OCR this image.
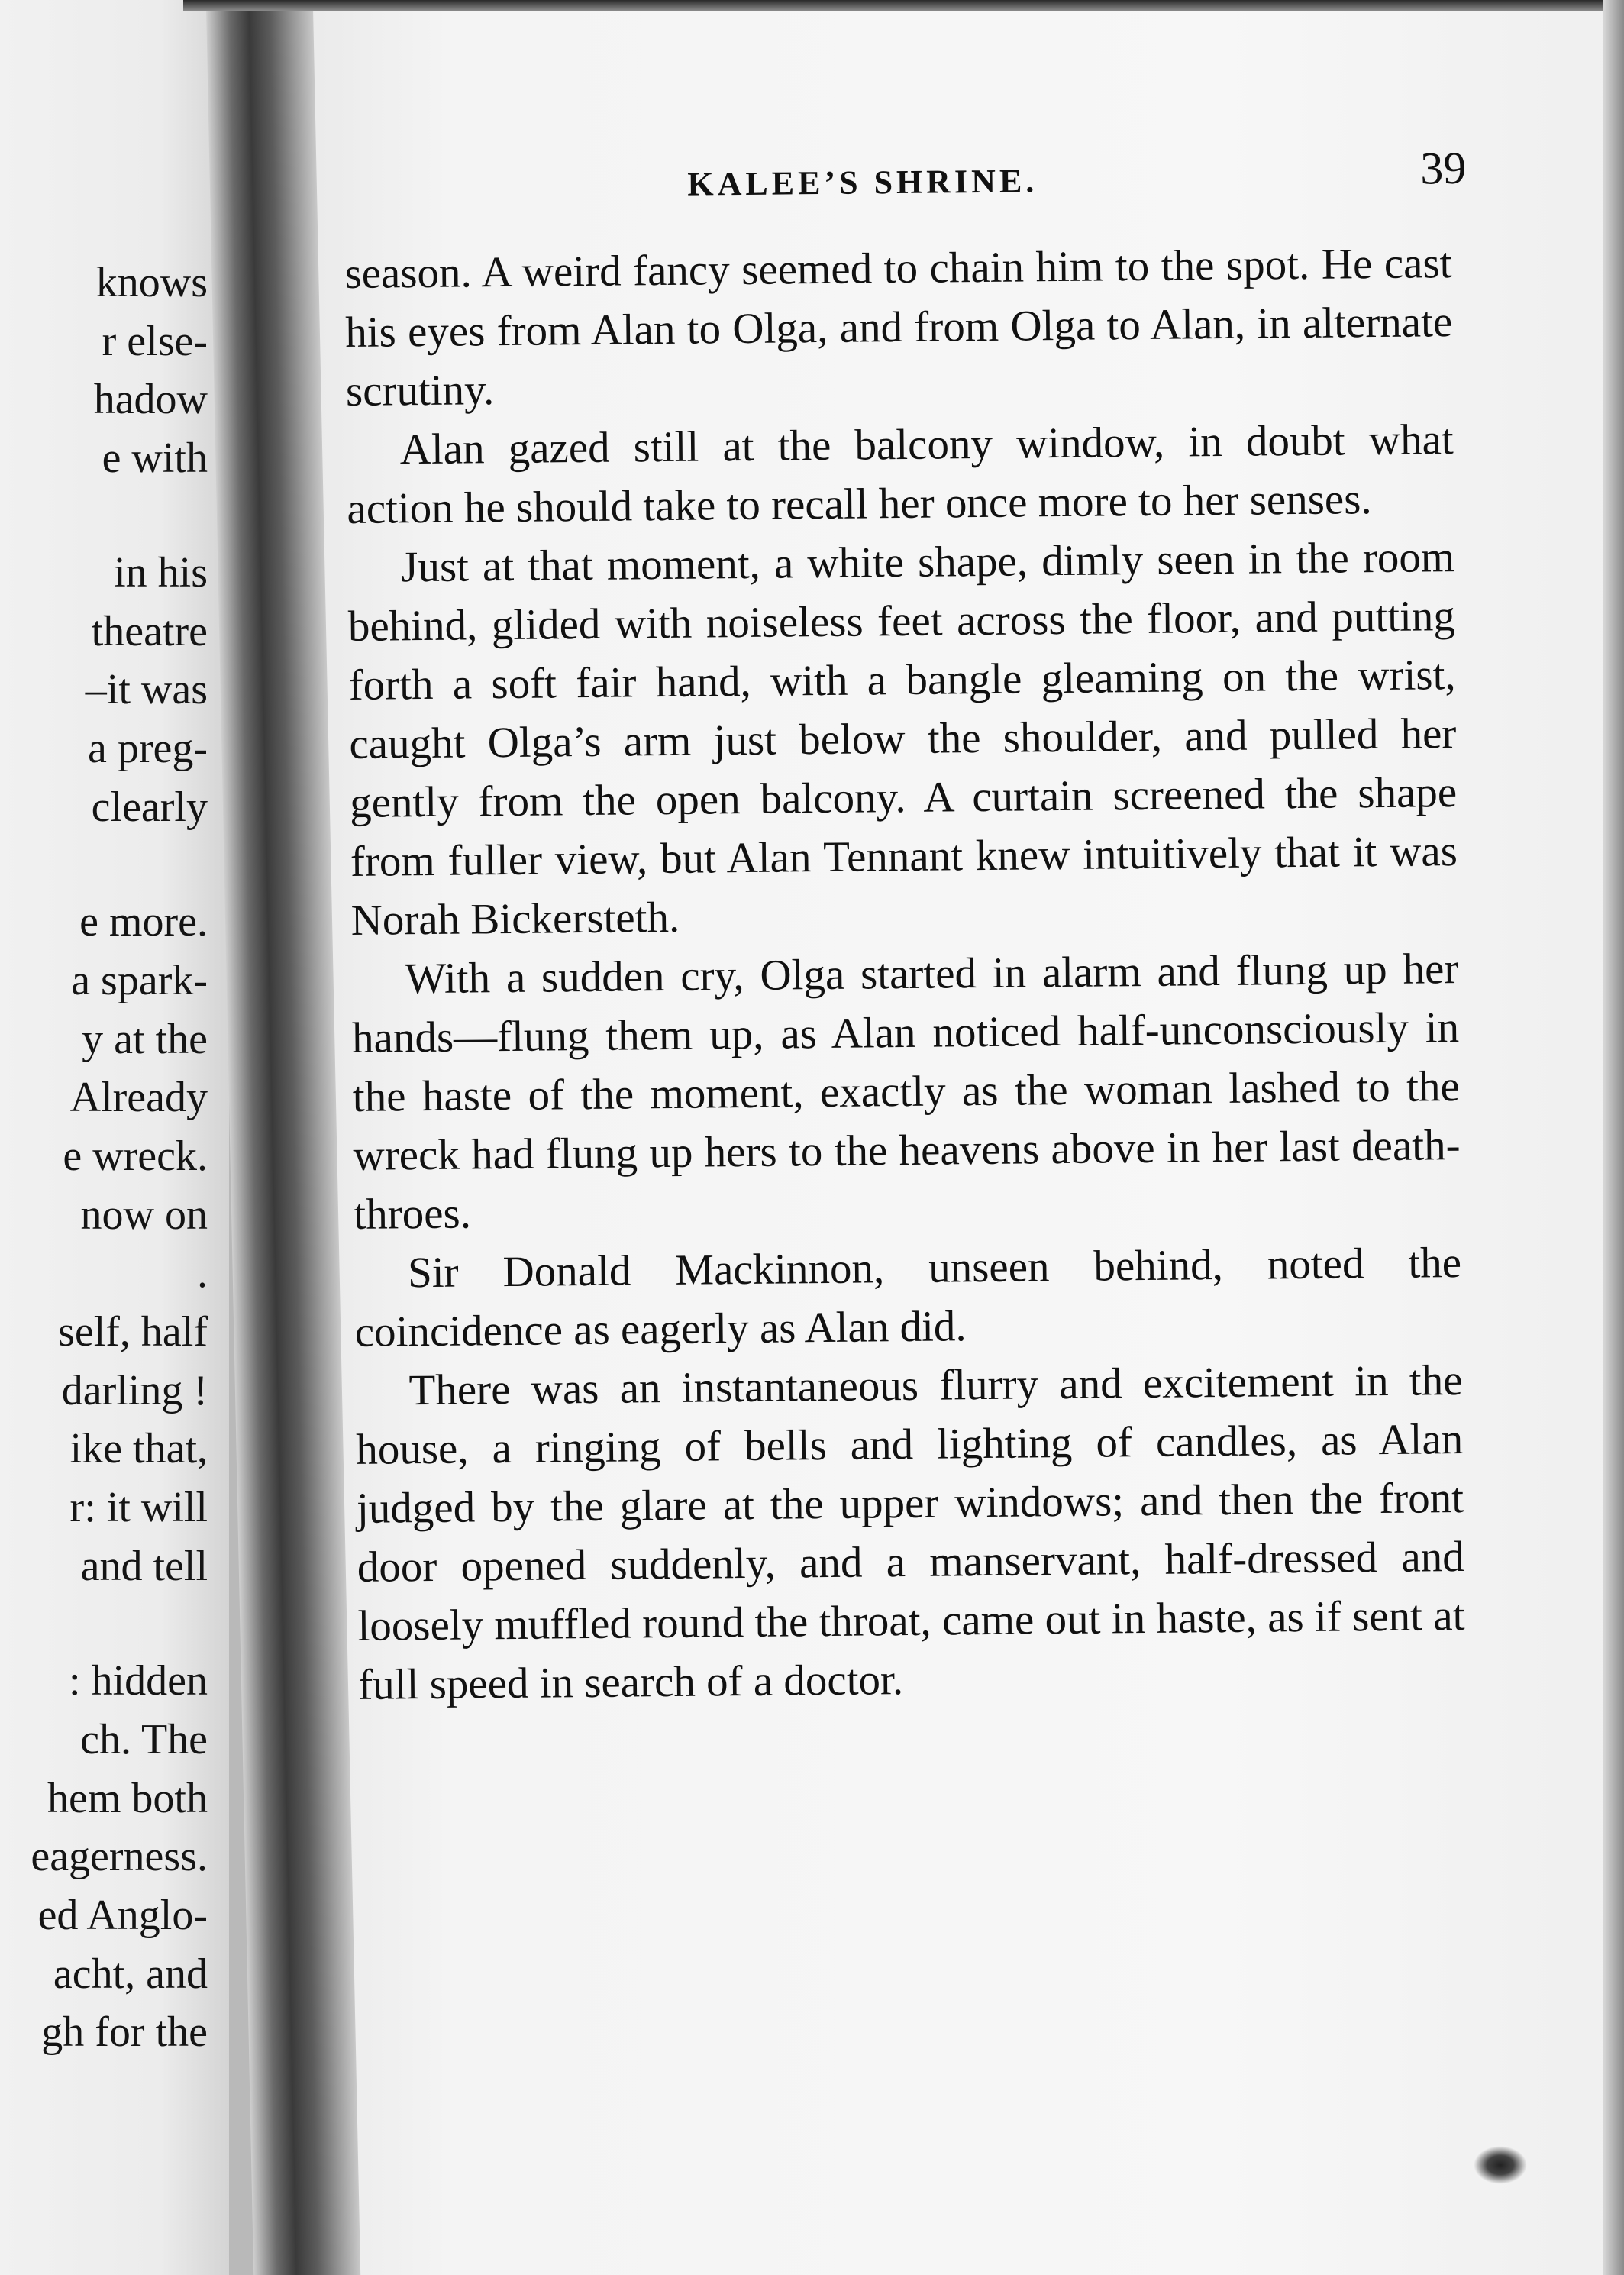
knows
r else-
hadow
e with
in his
theatre
–it was
a preg-
clearly
e more.
a spark-
y at the
Already
e wreck.
now on
.
self, half
darling !
ike that,
r: it will
and tell
: hidden
ch. The
hem both
eagerness.
ed Anglo-
acht, and
gh for the
KALEE’S SHRINE.	39

season. A weird fancy seemed to chain him to the spot. He cast his eyes from Alan to Olga, and from Olga to Alan, in alternate scrutiny.

Alan gazed still at the balcony window, in doubt what action he should take to recall her once more to her senses.

Just at that moment, a white shape, dimly seen in the room behind, glided with noiseless feet across the floor, and putting forth a soft fair hand, with a bangle gleaming on the wrist, caught Olga’s arm just below the shoulder, and pulled her gently from the open balcony. A curtain screened the shape from fuller view, but Alan Tennant knew intuitively that it was Norah Bickersteth.

With a sudden cry, Olga started in alarm and flung up her hands—flung them up, as Alan noticed half-unconsciously in the haste of the moment, exactly as the woman lashed to the wreck had flung up hers to the heavens above in her last death-throes.

Sir Donald Mackinnon, unseen behind, noted the coincidence as eagerly as Alan did.

There was an instantaneous flurry and excitement in the house, a ringing of bells and lighting of candles, as Alan judged by the glare at the upper windows; and then the front door opened suddenly, and a manservant, half-dressed and loosely muffled round the throat, came out in haste, as if sent at full speed in search of a doctor.
